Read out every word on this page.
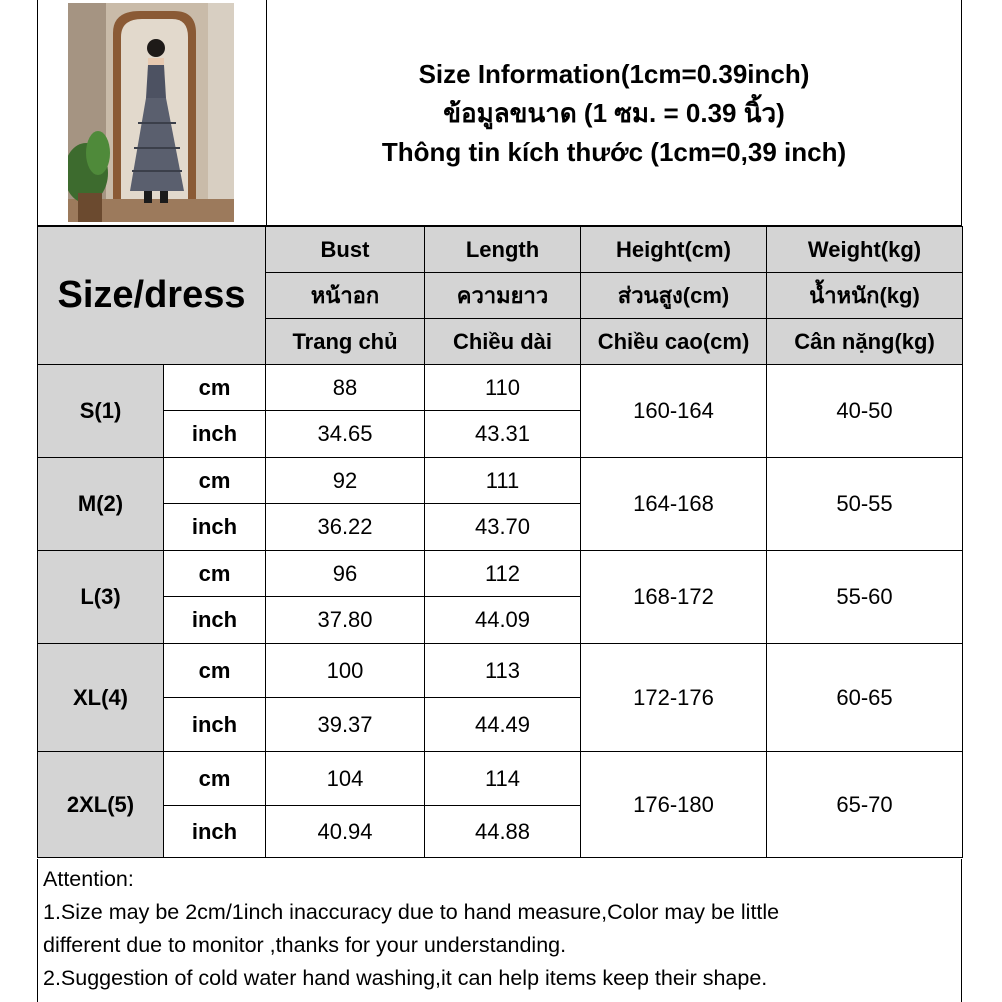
Size Information(1cm=0.39inch)
ข้อมูลขนาด (1 ซม. = 0.39 นิ้ว)
Thông tin kích thước (1cm=0,39 inch)
Size/dress		Bust	Length	Height(cm)	Weight(kg)
		หน้าอก	ความยาว	ส่วนสูง(cm)	น้ำหนัก(kg)
		Trang chủ	Chiều dài	Chiều cao(cm)	Cân nặng(kg)
S(1)	cm	88	110	160-164	40-50
	inch	34.65	43.31		
M(2)	cm	92	111	164-168	50-55
	inch	36.22	43.70		
L(3)	cm	96	112	168-172	55-60
	inch	37.80	44.09		
XL(4)	cm	100	113	172-176	60-65
	inch	39.37	44.49		
2XL(5)	cm	104	114	176-180	65-70
	inch	40.94	44.88		
Attention:
1.Size may be 2cm/1inch inaccuracy due to hand measure,Color may be little
different due to monitor ,thanks for your understanding.
2.Suggestion of cold water hand washing,it can help items keep their shape.
